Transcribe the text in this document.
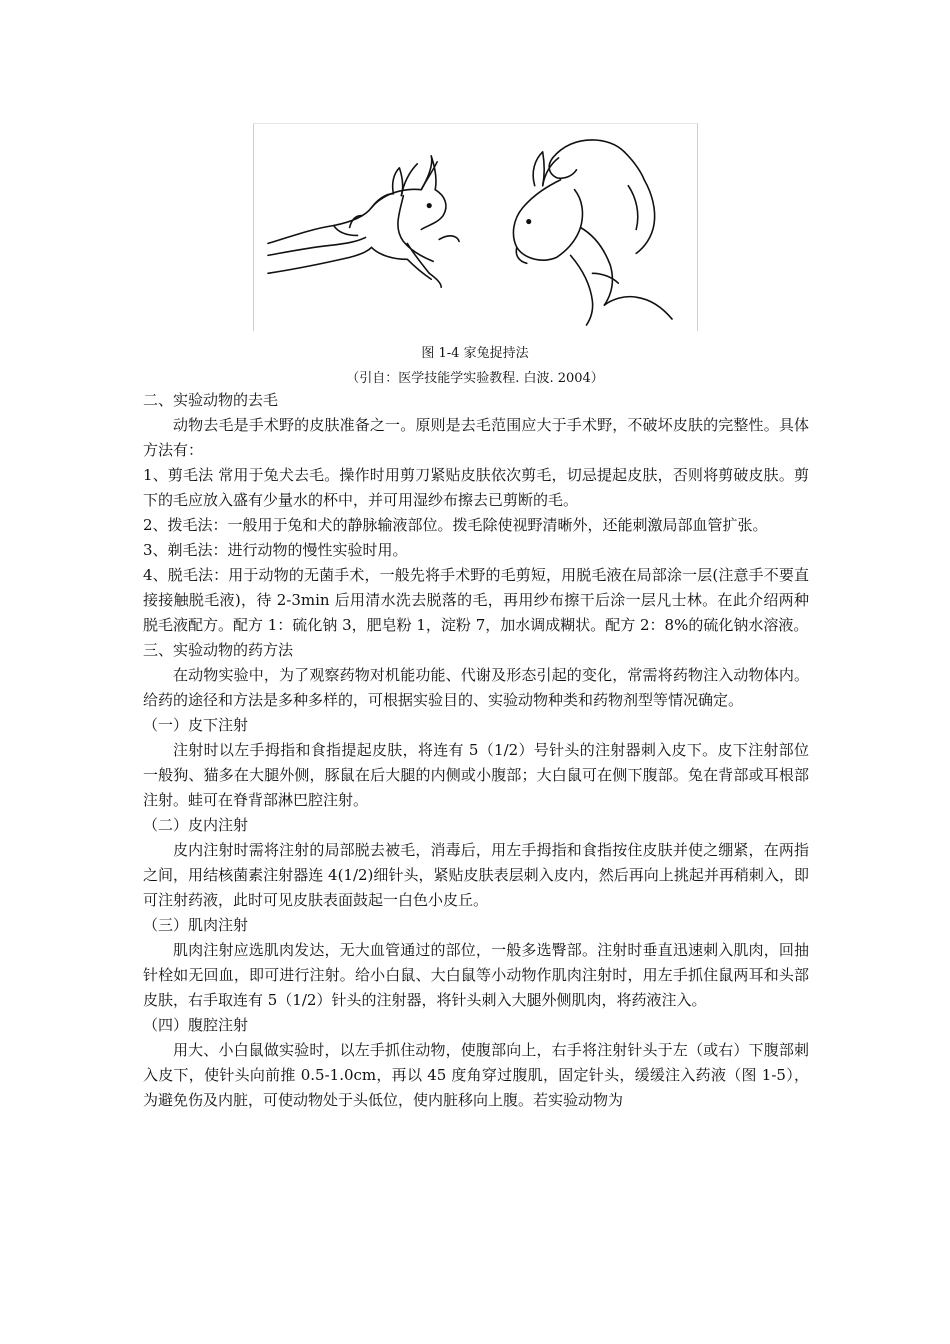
图 1-4 家兔捉持法
（引自：医学技能学实验教程. 白波. 2004）

二、实验动物的去毛

动物去毛是手术野的皮肤准备之一。原则是去毛范围应大于手术野，不破坏皮肤的完整性。具体方法有：

1、剪毛法 常用于兔犬去毛。操作时用剪刀紧贴皮肤依次剪毛，切忌提起皮肤，否则将剪破皮肤。剪下的毛应放入盛有少量水的杯中，并可用湿纱布擦去已剪断的毛。

2、拨毛法：一般用于兔和犬的静脉输液部位。拨毛除使视野清晰外，还能刺激局部血管扩张。

3、剃毛法：进行动物的慢性实验时用。

4、脱毛法：用于动物的无菌手术，一般先将手术野的毛剪短，用脱毛液在局部涂一层(注意手不要直接接触脱毛液)，待 2-3min 后用清水洗去脱落的毛，再用纱布擦干后涂一层凡士林。在此介绍两种脱毛液配方。配方 1：硫化钠 3，肥皂粉 1，淀粉 7，加水调成糊状。配方 2：8%的硫化钠水溶液。

三、实验动物的药方法

在动物实验中，为了观察药物对机能功能、代谢及形态引起的变化，常需将药物注入动物体内。给药的途径和方法是多种多样的，可根据实验目的、实验动物种类和药物剂型等情况确定。

（一）皮下注射

注射时以左手拇指和食指提起皮肤，将连有 5（1/2）号针头的注射器刺入皮下。皮下注射部位一般狗、猫多在大腿外侧，豚鼠在后大腿的内侧或小腹部；大白鼠可在侧下腹部。兔在背部或耳根部注射。蛙可在脊背部淋巴腔注射。

（二）皮内注射

皮内注射时需将注射的局部脱去被毛，消毒后，用左手拇指和食指按住皮肤并使之绷紧，在两指之间，用结核菌素注射器连 4(1/2)细针头，紧贴皮肤表层刺入皮内，然后再向上挑起并再稍刺入，即可注射药液，此时可见皮肤表面鼓起一白色小皮丘。

（三）肌肉注射

肌肉注射应选肌肉发达，无大血管通过的部位，一般多选臀部。注射时垂直迅速刺入肌肉，回抽针栓如无回血，即可进行注射。给小白鼠、大白鼠等小动物作肌肉注射时，用左手抓住鼠两耳和头部皮肤，右手取连有 5（1/2）针头的注射器，将针头刺入大腿外侧肌肉，将药液注入。

（四）腹腔注射

用大、小白鼠做实验时，以左手抓住动物，使腹部向上，右手将注射针头于左（或右）下腹部刺入皮下，使针头向前推 0.5-1.0cm，再以 45 度角穿过腹肌，固定针头，缓缓注入药液（图 1-5），为避免伤及内脏，可使动物处于头低位，使内脏移向上腹。若实验动物为
